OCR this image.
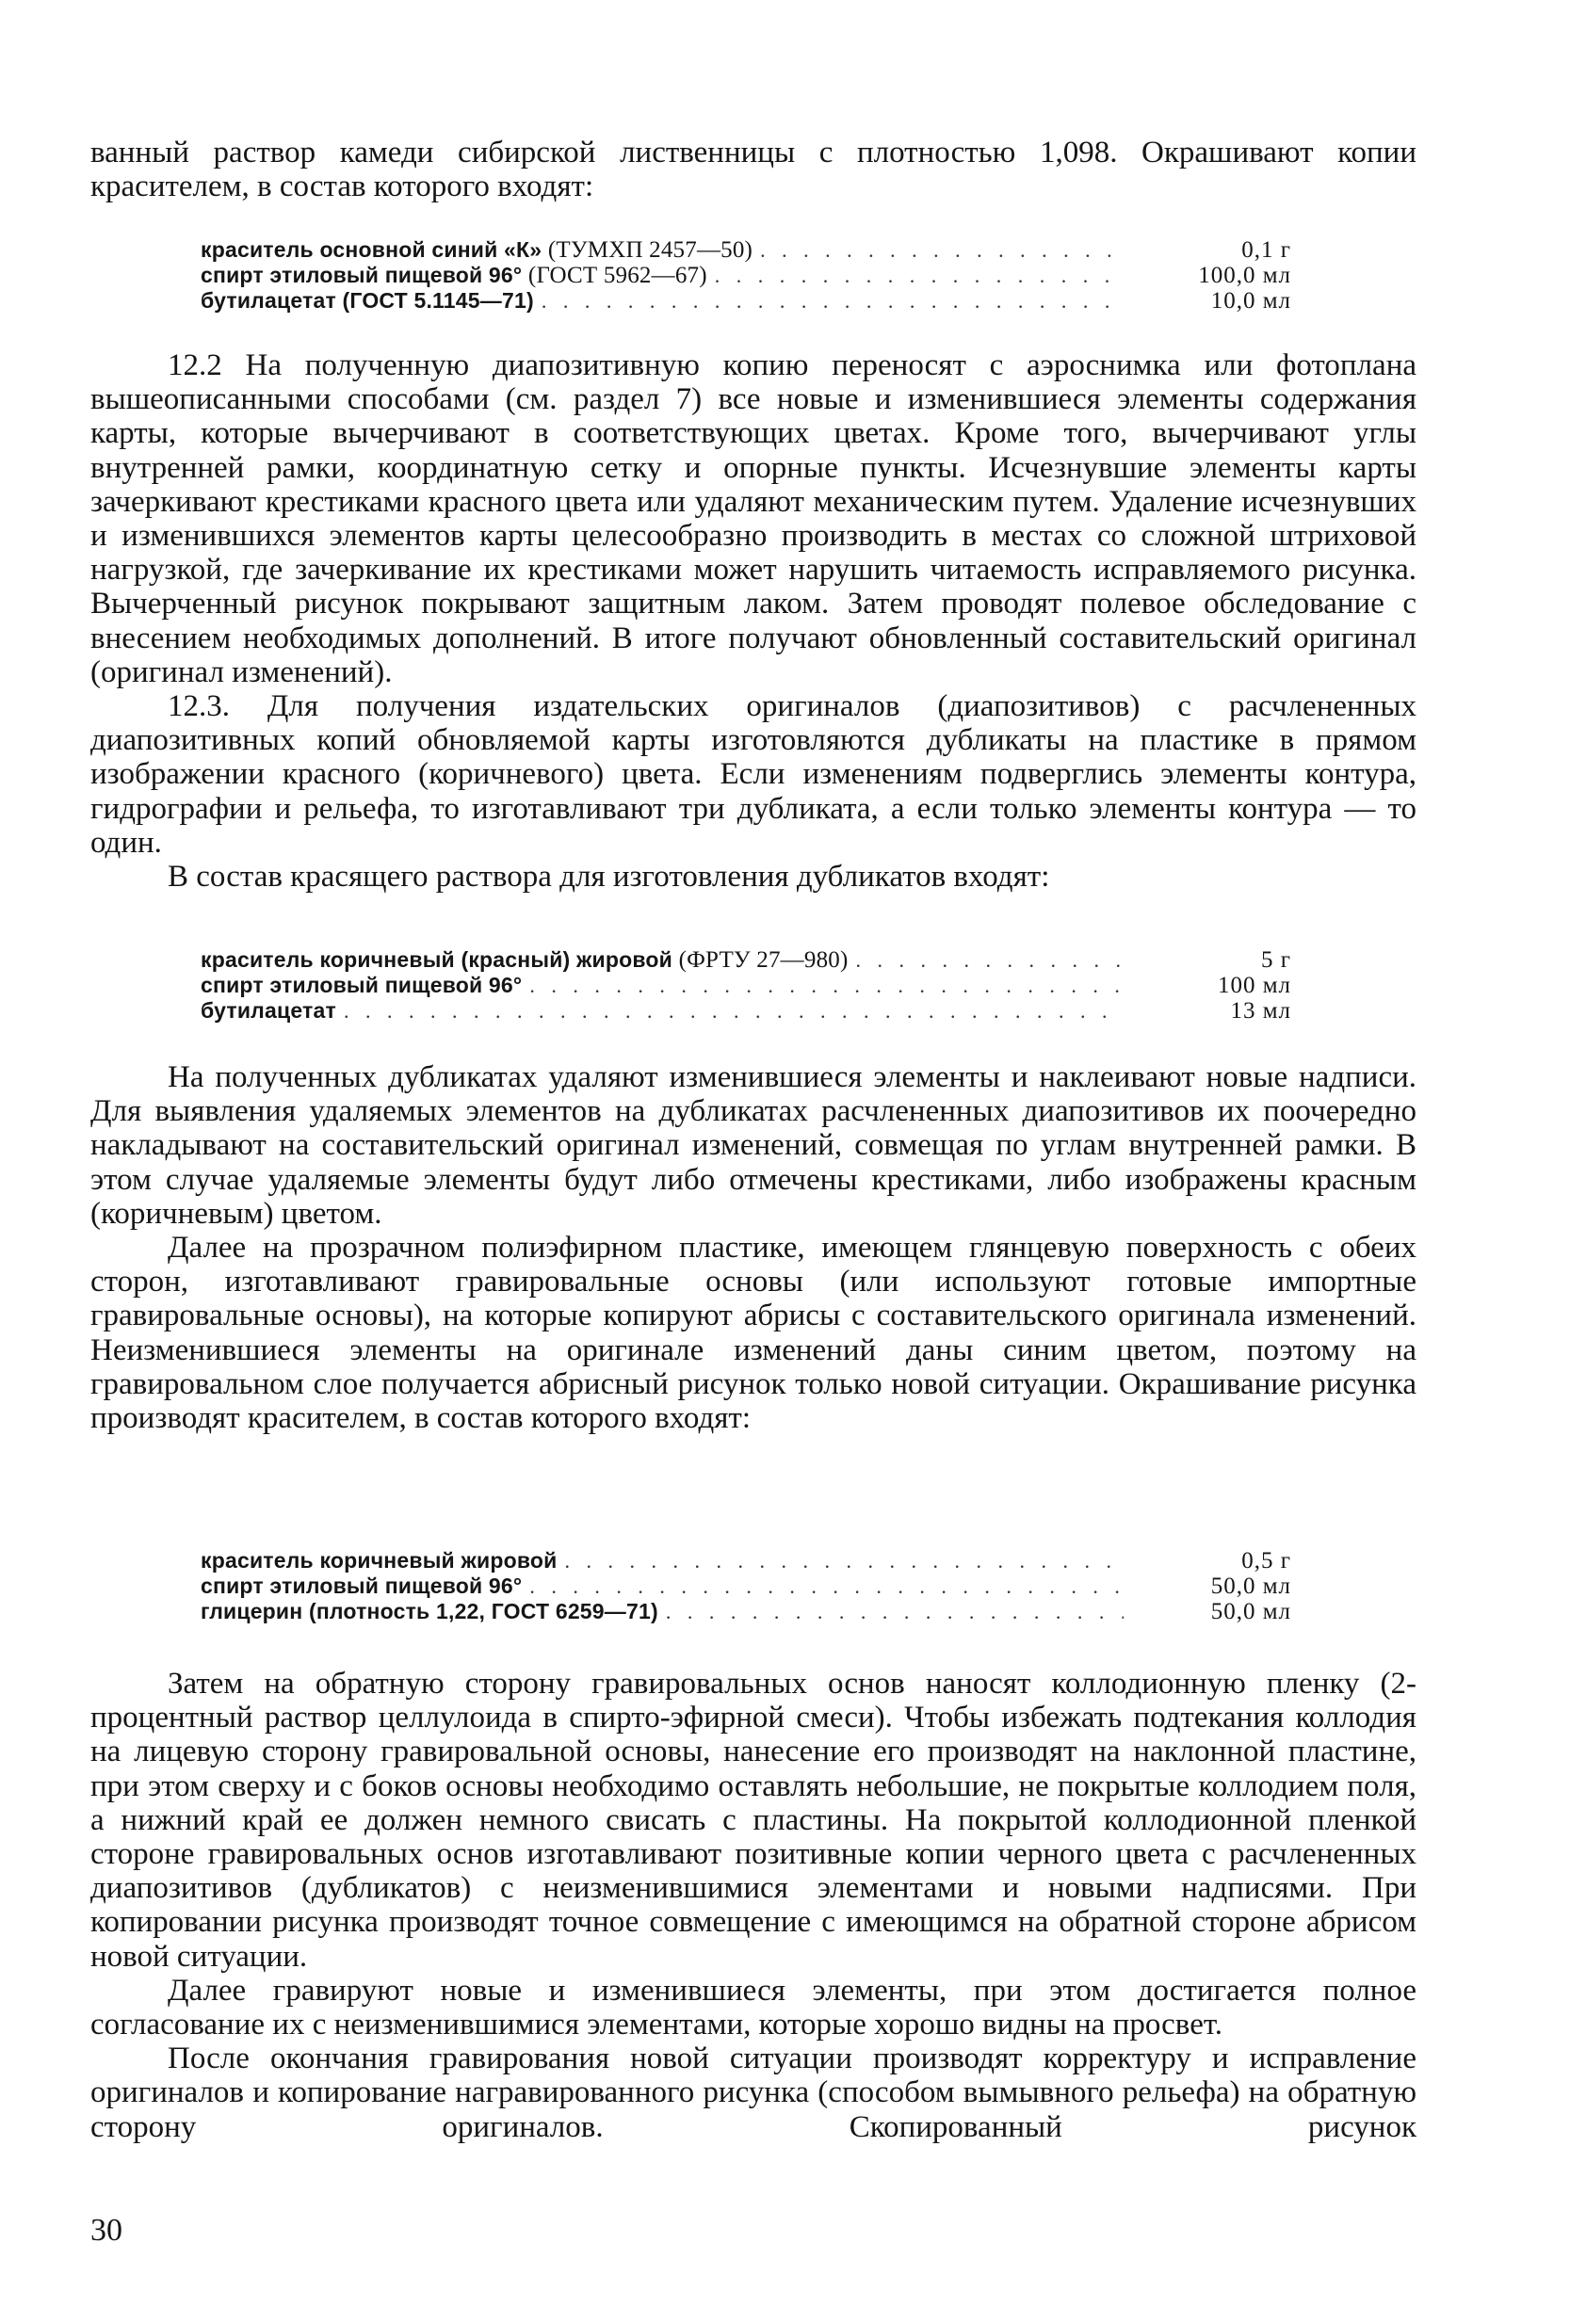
ванный раствор камеди сибирской лиственницы с плотностью 1,098. Окрашивают копии красителем, в состав которого входят:

краситель основной синий «К» (ТУМХП 2457—50) . . .	0,1 г
спирт этиловый пищевой 96° (ГОСТ 5962—67) . . .	100,0 мл
бутилацетат (ГОСТ 5.1145—71) . . .	10,0 мл

12.2 На полученную диапозитивную копию переносят с аэроснимка или фотоплана вышеописанными способами (см. раздел 7) все новые и изменившиеся элементы содержания карты, которые вычерчивают в соответствующих цветах. Кроме того, вычерчивают углы внутренней рамки, координатную сетку и опорные пункты. Исчезнувшие элементы карты зачеркивают крестиками красного цвета или удаляют механическим путем. Удаление исчезнувших и изменившихся элементов карты целесообразно производить в местах со сложной штриховой нагрузкой, где зачеркивание их крестиками может нарушить читаемость исправляемого рисунка. Вычерченный рисунок покрывают защитным лаком. Затем проводят полевое обследование с внесением необходимых дополнений. В итоге получают обновленный составительский оригинал (оригинал изменений).

12.3. Для получения издательских оригиналов (диапозитивов) с расчлененных диапозитивных копий обновляемой карты изготовляются дубликаты на пластике в прямом изображении красного (коричневого) цвета. Если изменениям подверглись элементы контура, гидрографии и рельефа, то изготавливают три дубликата, а если только элементы контура — то один.

В состав красящего раствора для изготовления дубликатов входят:

краситель коричневый (красный) жировой (ФРТУ 27—980) . . .	5 г
спирт этиловый пищевой 96° . . .	100 мл
бутилацетат . . .	13 мл

На полученных дубликатах удаляют изменившиеся элементы и наклеивают новые надписи. Для выявления удаляемых элементов на дубликатах расчлененных диапозитивов их поочередно накладывают на составительский оригинал изменений, совмещая по углам внутренней рамки. В этом случае удаляемые элементы будут либо отмечены крестиками, либо изображены красным (коричневым) цветом.

Далее на прозрачном полиэфирном пластике, имеющем глянцевую поверхность с обеих сторон, изготавливают гравировальные основы (или используют готовые импортные гравировальные основы), на которые копируют абрисы с составительского оригинала изменений. Неизменившиеся элементы на оригинале изменений даны синим цветом, поэтому на гравировальном слое получается абрисный рисунок только новой ситуации. Окрашивание рисунка производят красителем, в состав которого входят:

краситель коричневый жировой . . .	0,5 г
спирт этиловый пищевой 96° . . .	50,0 мл
глицерин (плотность 1,22, ГОСТ 6259—71) . . .	50,0 мл

Затем на обратную сторону гравировальных основ наносят коллодионную пленку (2-процентный раствор целлулоида в спирто-эфирной смеси). Чтобы избежать подтекания коллодия на лицевую сторону гравировальной основы, нанесение его производят на наклонной пластине, при этом сверху и с боков основы необходимо оставлять небольшие, не покрытые коллодием поля, а нижний край ее должен немного свисать с пластины. На покрытой коллодионной пленкой стороне гравировальных основ изготавливают позитивные копии черного цвета с расчлененных диапозитивов (дубликатов) с неизменившимися элементами и новыми надписями. При копировании рисунка производят точное совмещение с имеющимся на обратной стороне абрисом новой ситуации.

Далее гравируют новые и изменившиеся элементы, при этом достигается полное согласование их с неизменившимися элементами, которые хорошо видны на просвет.

После окончания гравирования новой ситуации производят корректуру и исправление оригиналов и копирование награвированного рисунка (способом вымывного рельефа) на обратную сторону оригиналов. Скопированный рисунок

30
